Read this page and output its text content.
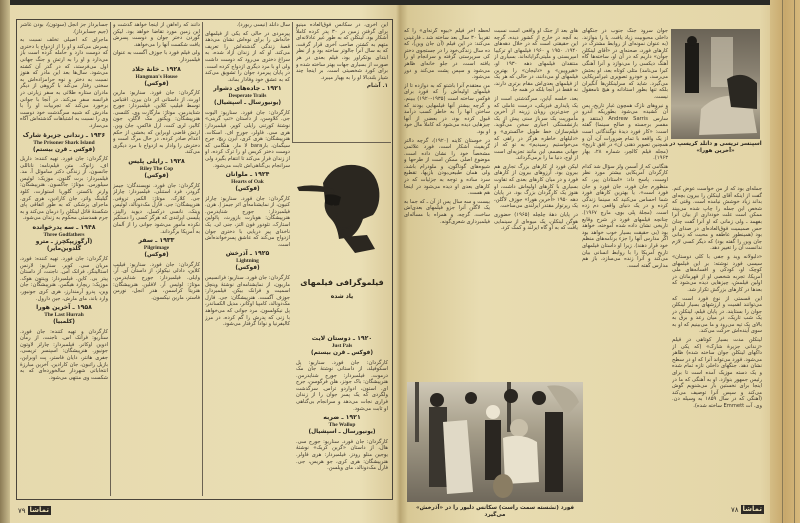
این آخری، در سکانس فوق‌العاده مینیو برای گرفتن زمین در ۳۰ پدر کرده کاملاً آشکار بود. لینکلن که به طور غیر عادلانه‌ای متهم به کشتن صاحب آخری قرار گرفت، که به سال آنرا جالوتر ساخته بود و از نظر ابتدای بوتکراور بود، فیلم بعدی در هر صورت از بسیاری جهات بهتر ساخته شده و برای کورد شخصیتی است. بر اینجا چند شیار بلندبالا او را به بهیار میبرد.

۱. آشام

فیلموگرافی فیلمهای
یاد شده

سال دانلد (نیسی ربورد).

پیرمردی در حالی که یکی از فیلمهای خانه‌اش را برای نوه‌اش نشان می‌دهد قصهٔ زندگی گذشته‌اش را تعریف می‌کند. او که از زندان آزاد شده، به سراغ دختری می‌رود که دوست داشت ولی او با مرد دیگری ازدواج کرده است. در پایان پیرمرد جوان را تشویق می‌کند که به عشق خود وفادار بماند.

۱۹۲۱ ـ جاده‌های دشوار
Desperate Trails
(یونیورسال ـ اسپشیال)

کارگردان: جان فورد. سناریو: الیوت جی. کلاوسن، از داستان «تپ گرینی» نوشتهٔ کورتنی رایلی کوپر. فیلمبردار: هری سی. فاولر، جورج اف. اسکات. هنرپیشگان: هری کری، آیرن ریچ، جرج سیگمان، بارbara لا مار. هنگامی که دوست دختر کریس او را ترک کرده، او از زندان فرار می‌کند تا انتقام بگیرد ولی سرانجام بی‌گناهی‌اش ثابت می‌شود.

۱۹۲۴ ـ ملوانان
Hearts of Oak
(فوکس)

کارگردان: جان فورد. سناریو: چارلز کنیون، از نمایشنامه‌ای اثر جیمز اِ. هرن. فیلمبردار: جورج شنایدرمن. هنرپیشگان: هوبارت بازورث، پائولین استارک، تئودور فون التز، جنی لی. یک ناخدای پیر دریایی با دختری جوان ازدواج می‌کند که عاشق پسرخوانده‌اش است.

۱۹۲۵ ـ آذرخش
Lightning
(فوکس)

کارگردان: جان فورد. سناریو: فرانسیس ماریون، از نمایشنامه‌ای نوشتهٔ وینچل اسمیت و فرانک بیکن. فیلمبردار: جوزف آگست. هنرپیشگان: جی. فارل مک‌دونالد، کامپیا اوکانر، مدیل الکساندر، پل نیکولسون. مرد جوانی که می‌خواهد با زنی که پدرش را گم کرده، در مرز کالیفرنیا و نوادا گرفتار می‌شود.

دانند که راه‌آهن از اینجا خواهد گذشت و این زمین مورد تقاضا خواهد بود. لیکن گوردن دختر جوان و دوست پسرش یافت شکست آنها را می‌خواهد.

ولی فیلم فورد با جوزف آگست به عنوان فیلمبردار.

۱۹۲۸ ـ خانهٔ جلاد
Hangman's House
(فوکس)

کارگردان: جان فورد. سناریو: مارین اورث، از داستانی اثر دان بیرن. اقتباس توسط فیلیپ کلاین. فیلمبردار: جورج شنایدرمن. موتاژ: مارگارت وی. کلنسی. هنرپیشگان: ویکتور مک لاگلن، جون کالیر، لری کنت، ارل فاکس، جان وین. ارتش قاضی اوبراین که بخشی از حکم اعدام صادر کرده، در حال مرگ است و دخترش را وادار به ازدواج با مرد دیگری می‌کند.

۱۹۲۸ ـ رایلی پلیس
Riley The Cop
(فوکس)

کارگردان: جان فورد. نویسندگان: جیمز گرودر، فرد استنلی. فیلمبردار: چارلز جی. کلارک. موتاژ: الکس تروفی. هنرپیشگان: جی. فارل مک‌دونالد، لوئیس وینک، نانسی درکسل، دیوید رالینز. پلیسی ایرلندی که هرگز کسی را دستگیر نکرده مأمور می‌شود جوانی را از آلمان به آمریکا برگرداند.

۱۹۳۳ ـ سفر
Pilgrimage
(فوکس)

کارگردان: جان فورد. سناریو: فیلیپ کلاین، دادلی نیکولز، از داستان آی. آر. وایلی. فیلمبردار: جورج شنایدرمن. موتاژ: لوئیس آر. لافلین. هنرپیشگان: هنریتا کراسمن، هدر انجل، نورمن فاستر، مارین نیکسون.

جسابرداز جز انجل (سوتون)، بودن غاشر (جیم جسابرداز).

ماجرای که اصیلی تخلف نسبت به پسرش می‌کند و او را از ازدواج با دختری که دوست دارد و حامله کرده است باز می‌دارد و او را به ارتش و جنگ جهانی اول می‌فرستد، که در گذر آن کشته می‌شود. سال‌ها بعد این مادر که هنوز نسبت به دختر و نوه حرامزاده‌اش به سختی رفتار می‌کند با گروهی از دیگر مادران ستاره طلائی به سفر زیارتی در فرانسه سفر می‌کند. در آنجا با جوانی برخورد می‌کند که تجربیات او را با مادرش که شبیه سرگذشت خود دوست وی را نسبت به اشتباهات گذشته‌اش آگاه می‌سازد.

۱۹۳۶ ـ زندانی جزیرهٔ شارک
The Prisoner Shark Island
(فوکس ـ قرن بیستم)

کارگردان: جان فورد. تهیه کننده: داریل اف. زانوک. متن فیلم‌نامه: ناناللی جانسون، از زندگی دکتر ساموئل آ. مد. فیلمبردار: برت گلنون. موزیک: لوئیس سیلورس. موتاژ: جاکسون. هنرپیشگان: وارنر باکستر، گلوریا استوارت، کلود گیلینگ واتر، جان کارادین، هری کری. ماجرای پزشکی که به طور اتفاقی پای شکستهٔ قاتل لینکلن را درمان می‌کند و به جرم همدستی محکوم به زندان می‌شود.

۱۹۴۸ ـ سه پدرخوانده
Three Godfathers
(آرگوزیپکچرز ـ مترو گلدوین‌مایر)

کارگردان: جان فورد. تهیه کننده: فورد، مریان سی. کوپر. سناریو: لارنس استالینگز، فرانک اس. ناجنت، از داستان پیتر بی. کاین. فیلمبردار: وینتون هوک. موزیک: ریچارد هیگمن. هنرپیشگان: جان وین، پدرو آرمندارز، هری کری جونیور، وارد باند، مای مارش، جین دارول.

۱۹۵۸ ـ آخرین هورا
The Last Hurrah
(کلمبیا)

کارگردان و تهیه کننده: جان فورد. سناریو: فرانک اس. ناجنت، از رمان ادوین اوکانر. فیلمبردار: چارلز لاوتون جونیور. هنرپیشگان: اسپنسر تریسی، جفری هانتر، دایان فاستر، پت اوبراین، بازیل راتبون، جان کارادین. آخرین مبارزهٔ انتخاباتی شهردار سالخورده‌ای که به شکست وی منتهی می‌شود.

۱۹۲۰ ـ دوستان لایت
Just Pals
(فوکس ـ قرن بیستم)

کارگردان: جان فورد. سناریو: پل اسکوفیلد، از داستانی نوشتهٔ جان مک درموت. فیلمبردار: جورج شنایدرمن. هنرپیشگان: باک جونز، هلن فرگوسن، جرج ای. استون، ادواردو تراس. سرگذشت ولگردی که یک پسر جوان را از زندان فراری نجات می‌دهد و سرانجام بی‌گناهی او ثابت می‌شود.

۱۹۲۱ ـ ضربه
The Wallop
(یونیورسال ـ اسپشیال)

کارگردان: جان فورد. سناریو: جورج سی. هال، از داستان «گرین کریک» نوشتهٔ یوجین منلو رودز. فیلمبردار: هری فاولر. هنرپیشگان: هری کری، جو هریس، جی. فارل مک‌دونالد، مای ویلسن.

۷۹ تماشا
اسپنسر تریسی و دانلد کریسپ در
«آخرین هورا»
فورد (نشسته سمت راست) سکانس دلبور را در «آذرخش» می‌گیرد

جوان سرود جنگ جنوب در جنگهای داخلی محبوبیت زیاد یافت. یا را بنوازند. (به عنوان نمونه‌ای از روابط مشترک در کارهای فورد، صحنه‌ای در «آقای لینکلن جوان» داریم که در آن او، ساخته‌ها گاه آهنگ دیکسی را می‌نوازد و آنرا آهنگی کبرا می‌نامد) مثلی کوتاه بعد، او بحثش می‌رسد، و خودرو تصویری غیرامریکایی می‌گیرد. شاید که سرلینکلن‌ها آنگیران بلکه تنها بطور استادانه و هیچ نامعقول نیست.

و نیروهای نازک همچون غبار تاریخ، پس آن کشیده می‌شود بطوریکه آندرو سارس Andrew Sarris (منتقد و مفسر برجسته و صالح سینما) گفته است: «کار فورد دیدهٔ نوگندگانی است از یک واقعه با تمام ضرورات آن، آن و همچنین تصویر ذهنی آن» در افق تاریخ» (مجله فیلم کالچر، شماره ۲۸، بهار ۱۹۶۳).

هنگامی که از آسمن ولز سؤال شد کدام کارگردان آمریکایی بیشتر مورد نظر اوست، پاسخ داد: «استادان پیر، که منظورم جان فورد، جان فورد و جان فورد است». یا بهترین کارهای فورد شما احساس می‌کنید که سینما زندگی کرده و در یک دنیای واقعی دم زده است. (مجلهٔ پلی بوی، مارچ ۱۹۶۷). چنانچه فیلمهای فورد در شرح وقایع تاریخی نشان داده شده آموخته، خواهد بود (بی حقیقت بسیار خوب خواهد بود اگر مدارس آنها را جزء برنامه‌های منظم خود قرار دهند). زیرا او داستان فیلمهای تاریخ آمریکا را با روابط انسانی بیان می‌کند و آنرا زنده می‌سازد، باز هم مدارس گفته است.

های بعد از جنگ او واقعی است نسبت به آنچه در خارج از کشور دیده. گرچه این حقیقتی است که در خلال دهه‌های ۱۹۴۰، ۱۹۵۰ و ۱۹۶۰ فیلمهای او ترکیبا امپریستی و ملیتی‌گرایانه‌اند. بسیاری از منتقدان فیلمهای دهه ۱۹۳۰ او، «هیرویین» و «دلیجان» را بهترین فیلمهای او می‌دانند، در حالی که هر یک از فیلمهای بعدی‌اش مقام برتری دارند، نه فقط در آنجا بلکه در همه جا.

بعد، خلسه آیاین، سرگذشتی است از یک پایداری فیزیکی، درست عاملی که در جدی‌ترین رویان زرینه از آخرین مأموریت یک سرباز سنی پیش از یک بازنشستگی اجباری سخن می‌گوید. فیلم‌سازان خط طویل خاکستری» و «دلیلهای خاطره هرگز در راهی که می‌خواستیم رسیدیم» به تو که از جهانی مصمم، این مانند تجزیه‌ای است از اوج، دنیا ما را برمی‌گرداند.

لیکن فورد از کارهای بزرگ تجاری هم بیرون بود. آرزوهای بیرون از کارهای فورد و در میان کارهای بعدی که تفاوت بسیاری با کارهای اولیه‌اش داشت، او هنوز یک کارگردان بزرگ بود. در پایان دهه ۱۹۵۰ «آخرین هورا» جوزف لاگلن، یک رپرتوار مقتدر ایرلندی می‌ساخت.

در پایان دههٔ چلچله (۱۹۶۵) حضوری هوگن لینکلن، یک میوه‌ای از سینمایی یافت که به او گاه ایرلند و کمک کرد.

لحظه آخر فیلم «بیوه گرنه‌ای» را که تقریباً ۳۰ سال بعد ساخته شد ـ فارغینی می‌کند: در این فیلم (آن جان وین)، که ده سال زندگی‌خود را در جستجوی دختر کی سرپرستی گرفته و سرانجام او را یافته است، در جلو خانه‌ای ظاهر می‌شود و سپس پشت می‌کند و دور می‌شود.

من معتقدم آنرا باشتو که به دوازده تا از فیلمهای اولیه‌اش را که فورد برای فوکس ساخته است (۱۹۳۵-۱۹۲۰) ببینم. و گرچه بیشتر آنها فیلمهایی بودند که ساختن آنها را به خاطر کسب درآمد قبول کرده بود، در بعضی از آنها چیزهایی دیده می‌شود که کاملاً مال خود او بود.

در خوستان کاینه (۱۹۲۰)، گرچه دالتر گریفیث آشکار است، فورد علائمی مشخصاً خود را نشان داده است. موضوع اصلی ممکن است از طرحها و شیوه‌های گوناگون، و ملودرام باشد، ولی همان طبیعی‌بودن بازیها، تقطیع سرد ساده و توجه به جزئیات که در کارهای بعدی او دیده می‌شود در اینجا هم هست.

بیست و سه سال پس از آن ـ که جما به یک لاگلن آنرا جزو فیلمهای بعدی‌اش ساخت، گرچه، و همراه با مسأله‌ای فیلمبرداری شعری‌گونه.

جمله‌ای بود که از من خواست عوض کنم. گفت از اینکه آقای لینکلن را بیرون بچه‌ای بداند زیاد خوشش نیامده است. وقتی که شخص این جمله را چاپ شده می‌بیند ممکن است علت خودداری از بیان آنرا بفهمد ـ ولی زمانی که او آنرا گفت چنان حس صمیمیت فوق‌العاده‌ای در صدای او بود (همینطور عاطفه و محبت که زمانی جان وین را گفته بود) که دیگر کسی لازم ندانست آن را تغییر دهد.

«دلبولانه وید و جفی با کلی دوستان» سیسی فورد نوشته: بر این فیلمهای کوچک او، کودکی و افسانه‌های ملی آمریکا، تجربه شخصی او از قهرمانان در اولین فیلمش، چیزهایی دیده می‌شود که بعدها در کارهای بزرگش تکرار شد.

این قسمتی از نوع فورد است که می‌توانند اهمیت و ارزشهای بسیار لینکلن جوان را بستایند. در پایان فیلم، لینکلن در یک شب تاریک، در میان رعد و برق به بالای یک تپه می‌رود و ما می‌بینیم که او به سوی آینده‌اش حرکت می‌کند.

لینکلن مدت بسیار کوتاهی در فیلم «زندانی جزیرهٔ شارک» (که یکی از داکهای لینکلن جوان ساخته شده) ظاهر می‌شود. فورد می‌تواند آنرا که او در سطح نشان دهد. جنگهای داخلی تازه تمام شده و یک دسته موزیک آمده است تا برای رئیس جمهور بنوازد. او به آهنگی که ما در اینجا برای نخستین بار می‌شنویم گوش می‌کند و سپس آنرا توصیف می‌کند (آهنگی که در سال ۱۸۵۹ به وسیله دن. وی. آت Emmett ساخته شده).

۷۸ تماشا
